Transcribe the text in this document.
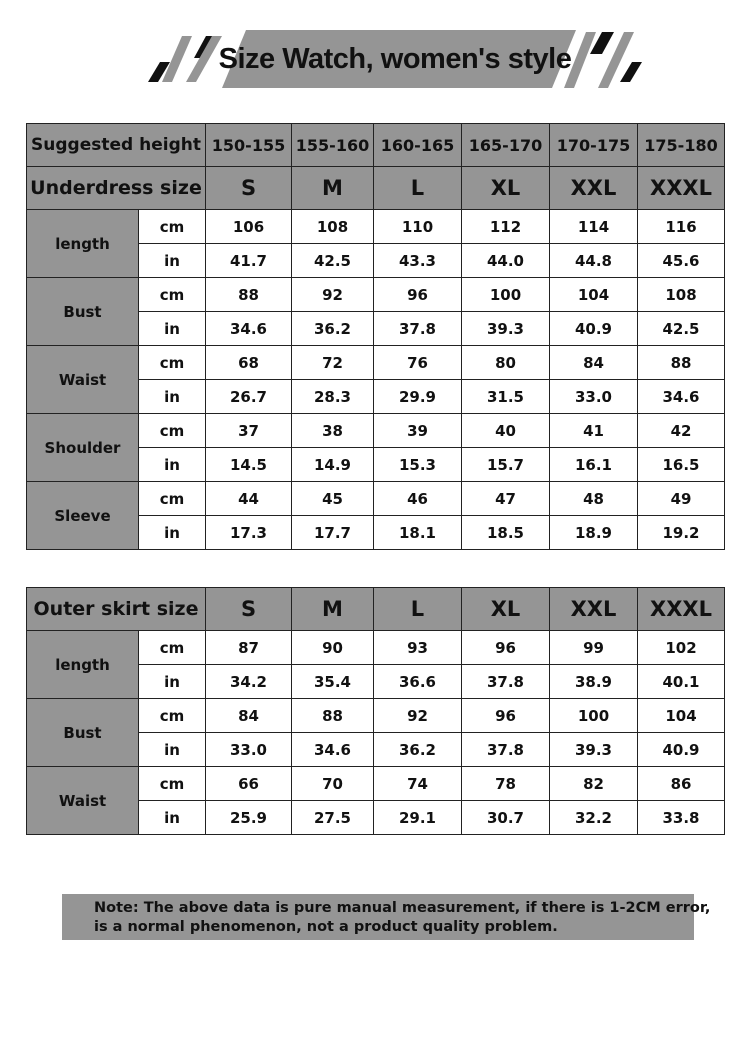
Size Watch, women's style
Suggested height		150-155	155-160	160-165	165-170	170-175	175-180
Underdress size		S	M	L	XL	XXL	XXXL
length	cm	106	108	110	112	114	116
	in	41.7	42.5	43.3	44.0	44.8	45.6
Bust	cm	88	92	96	100	104	108
	in	34.6	36.2	37.8	39.3	40.9	42.5
Waist	cm	68	72	76	80	84	88
	in	26.7	28.3	29.9	31.5	33.0	34.6
Shoulder	cm	37	38	39	40	41	42
	in	14.5	14.9	15.3	15.7	16.1	16.5
Sleeve	cm	44	45	46	47	48	49
	in	17.3	17.7	18.1	18.5	18.9	19.2
Outer skirt size		S	M	L	XL	XXL	XXXL
length	cm	87	90	93	96	99	102
	in	34.2	35.4	36.6	37.8	38.9	40.1
Bust	cm	84	88	92	96	100	104
	in	33.0	34.6	36.2	37.8	39.3	40.9
Waist	cm	66	70	74	78	82	86
	in	25.9	27.5	29.1	30.7	32.2	33.8
Note: The above data is pure manual measurement, if there is 1-2CM error,
is a normal phenomenon, not a product quality problem.
